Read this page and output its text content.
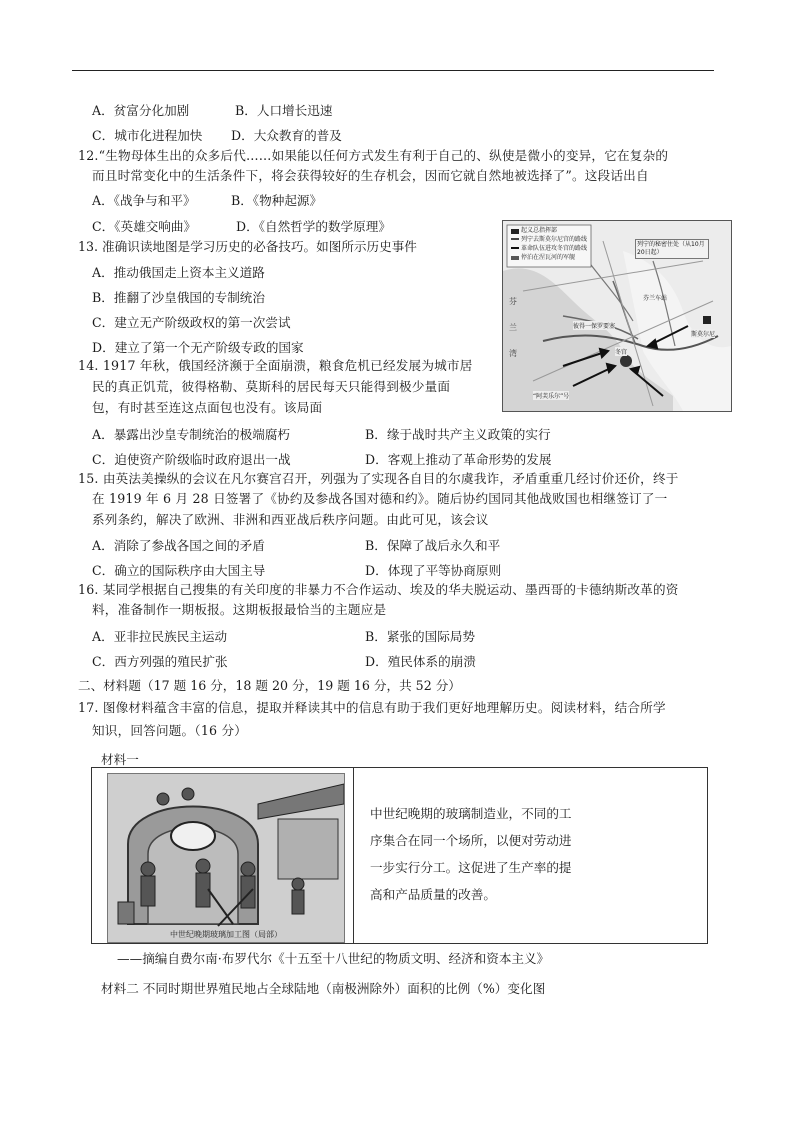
A．贫富分化加剧	B．人口增长迅速
C．城市化进程加快 D．大众教育的普及
12.“生物母体生出的众多后代……如果能以任何方式发生有利于自己的、纵使是微小的变异，它在复杂的
而且时常变化中的生活条件下，将会获得较好的生存机会，因而它就自然地被选择了”。这段话出自
A．《战争与和平》	B．《物种起源》
C．《英雄交响曲》	D．《自然哲学的数学原理》
13. 准确识读地图是学习历史的必备技巧。如图所示历史事件
A．推动俄国走上资本主义道路
B．推翻了沙皇俄国的专制统治
C．建立无产阶级政权的第一次尝试
D．建立了第一个无产阶级专政的国家
起义总指挥部
列宁去斯莫尔尼宫的路线
革命队伍进攻冬宫的路线
停泊在涅瓦河的军舰
列宁的秘密住处（从10月20日起）
芬
兰
湾
彼得一保罗要塞
冬宫
斯莫尔尼
“阿芙乐尔”号
芬兰车站
14. 1917 年秋，俄国经济濒于全面崩溃，粮食危机已经发展为城市居
民的真正饥荒，彼得格勒、莫斯科的居民每天只能得到极少量面
包，有时甚至连这点面包也没有。该局面
A．暴露出沙皇专制统治的极端腐朽	B．缘于战时共产主义政策的实行
C．迫使资产阶级临时政府退出一战	D．客观上推动了革命形势的发展
15. 由英法美操纵的会议在凡尔赛宫召开，列强为了实现各自目的尔虞我诈，矛盾重重几经讨价还价，终于
在 1919 年 6 月 28 日签署了《协约及参战各国对德和约》。随后协约国同其他战败国也相继签订了一
系列条约，解决了欧洲、非洲和西亚战后秩序问题。由此可见，该会议
A．消除了参战各国之间的矛盾	B．保障了战后永久和平
C．确立的国际秩序由大国主导	D．体现了平等协商原则
16. 某同学根据自己搜集的有关印度的非暴力不合作运动、埃及的华夫脱运动、墨西哥的卡德纳斯改革的资
料，准备制作一期板报。这期板报最恰当的主题应是
A．亚非拉民族民主运动	B．紧张的国际局势
C．西方列强的殖民扩张	D．殖民体系的崩溃
二、材料题（17 题 16 分，18 题 20 分，19 题 16 分，共 52 分）
17. 图像材料蕴含丰富的信息，提取并释读其中的信息有助于我们更好地理解历史。阅读材料，结合所学
知识，回答问题。（16 分）
材料一
中世纪晚期玻璃加工图（局部）
中世纪晚期的玻璃制造业，不同的工
序集合在同一个场所，以便对劳动进
一步实行分工。这促进了生产率的提
高和产品质量的改善。
——摘编自费尔南·布罗代尔《十五至十八世纪的物质文明、经济和资本主义》
材料二 不同时期世界殖民地占全球陆地（南极洲除外）面积的比例（%）变化图
